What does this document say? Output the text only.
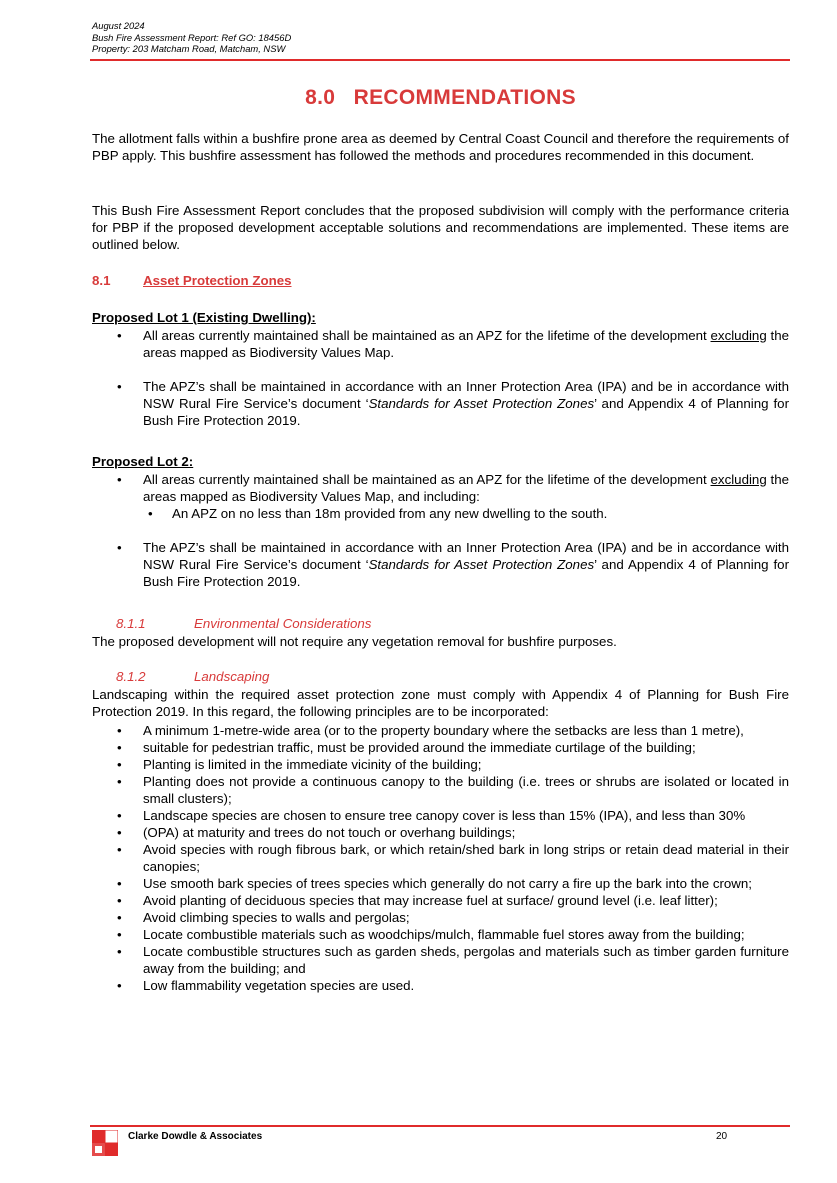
August 2024
Bush Fire Assessment Report: Ref GO: 18456D
Property: 203 Matcham Road, Matcham, NSW
8.0   RECOMMENDATIONS
The allotment falls within a bushfire prone area as deemed by Central Coast Council and therefore the requirements of PBP apply. This bushfire assessment has followed the methods and procedures recommended in this document.
This Bush Fire Assessment Report concludes that the proposed subdivision will comply with the performance criteria for PBP if the proposed development acceptable solutions and recommendations are implemented. These items are outlined below.
8.1 Asset Protection Zones
Proposed Lot 1 (Existing Dwelling):
• All areas currently maintained shall be maintained as an APZ for the lifetime of the development excluding the areas mapped as Biodiversity Values Map.
• The APZ’s shall be maintained in accordance with an Inner Protection Area (IPA) and be in accordance with NSW Rural Fire Service’s document ‘Standards for Asset Protection Zones’ and Appendix 4 of Planning for Bush Fire Protection 2019.
Proposed Lot 2:
• All areas currently maintained shall be maintained as an APZ for the lifetime of the development excluding the areas mapped as Biodiversity Values Map, and including:
• An APZ on no less than 18m provided from any new dwelling to the south.
• The APZ’s shall be maintained in accordance with an Inner Protection Area (IPA) and be in accordance with NSW Rural Fire Service’s document ‘Standards for Asset Protection Zones’ and Appendix 4 of Planning for Bush Fire Protection 2019.
8.1.1	Environmental Considerations
The proposed development will not require any vegetation removal for bushfire purposes.
8.1.2	Landscaping
Landscaping within the required asset protection zone must comply with Appendix 4 of Planning for Bush Fire Protection 2019. In this regard, the following principles are to be incorporated:
• A minimum 1-metre-wide area (or to the property boundary where the setbacks are less than 1 metre),
• suitable for pedestrian traffic, must be provided around the immediate curtilage of the building;
• Planting is limited in the immediate vicinity of the building;
• Planting does not provide a continuous canopy to the building (i.e. trees or shrubs are isolated or located in small clusters);
• Landscape species are chosen to ensure tree canopy cover is less than 15% (IPA), and less than 30%
• (OPA) at maturity and trees do not touch or overhang buildings;
• Avoid species with rough fibrous bark, or which retain/shed bark in long strips or retain dead material in their canopies;
• Use smooth bark species of trees species which generally do not carry a fire up the bark into the crown;
• Avoid planting of deciduous species that may increase fuel at surface/ ground level (i.e. leaf litter);
• Avoid climbing species to walls and pergolas;
• Locate combustible materials such as woodchips/mulch, flammable fuel stores away from the building;
• Locate combustible structures such as garden sheds, pergolas and materials such as timber garden furniture away from the building; and
• Low flammability vegetation species are used.
Clarke Dowdle & Associates	20
